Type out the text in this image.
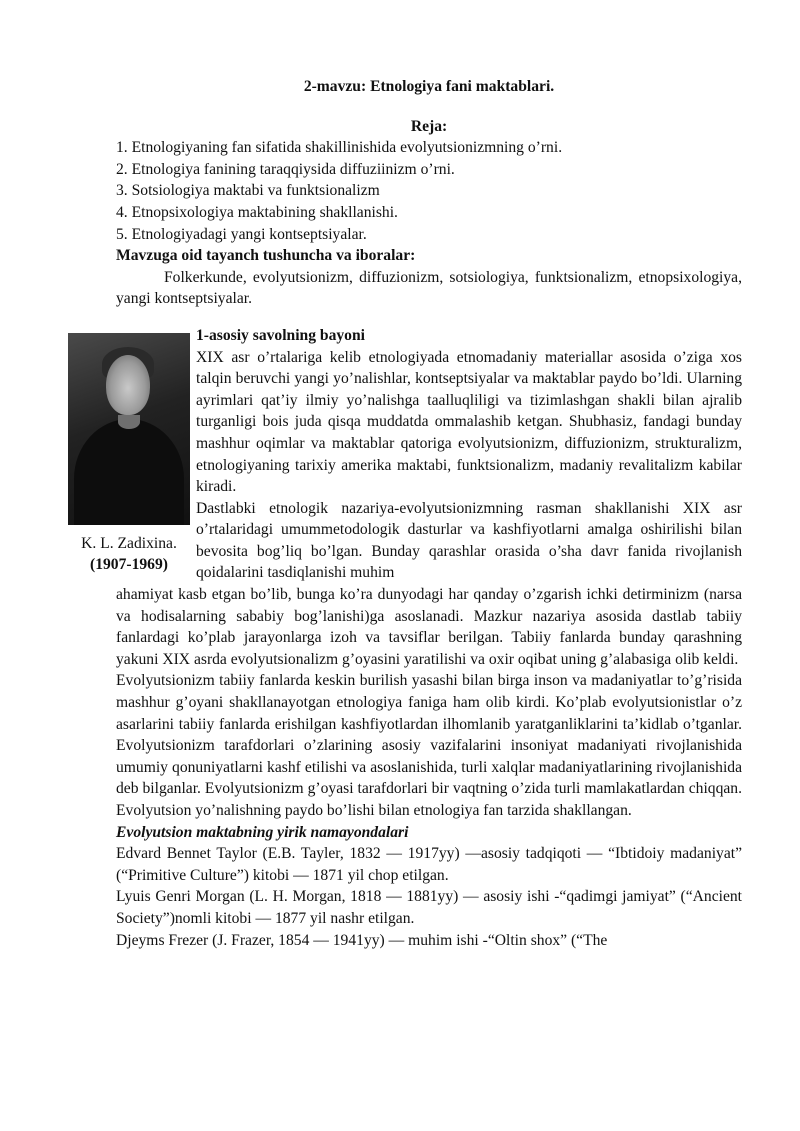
2-mavzu: Etnologiya fani maktablari.
Reja:
1. Etnologiyaning fan sifatida shakillinishida evolyutsionizmning o’rni.
2. Etnologiya fanining taraqqiysida diffuziinizm o’rni.
3. Sotsiologiya maktabi va funktsionalizm
4. Etnopsixologiya maktabining shakllanishi.
5. Etnologiyadagi yangi kontseptsiyalar.
Mavzuga oid tayanch tushuncha va iboralar:
Folkerkunde, evolyutsionizm, diffuzionizm, sotsiologiya, funktsionalizm, etnopsixologiya, yangi kontseptsiyalar.
K. L. Zadixina.
(1907-1969)
1-asosiy savolning bayoni
XIX asr o’rtalariga kelib etnologiyada etnomadaniy materiallar asosida o’ziga xos talqin beruvchi yangi yo’nalishlar, kontseptsiyalar va maktablar paydo bo’ldi. Ularning ayrimlari qat’iy ilmiy yo’nalishga taalluqliligi va tizimlashgan shakli bilan ajralib turganligi bois juda qisqa muddatda ommalashib ketgan. Shubhasiz, fandagi bunday mashhur oqimlar va maktablar qatoriga evolyutsionizm, diffuzionizm, strukturalizm, etnologiyaning tarixiy amerika maktabi, funktsionalizm, madaniy revalitalizm kabilar kiradi.
Dastlabki etnologik nazariya-evolyutsionizmning rasman shakllanishi XIX asr o’rtalaridagi umummetodologik dasturlar va kashfiyotlarni amalga oshirilishi bilan bevosita bog’liq bo’lgan. Bunday qarashlar orasida o’sha davr fanida rivojlanish qoidalarini tasdiqlanishi muhim
ahamiyat kasb etgan bo’lib, bunga ko’ra dunyodagi har qanday o’zgarish ichki detirminizm (narsa va hodisalarning sababiy bog’lanishi)ga asoslanadi. Mazkur nazariya asosida dastlab tabiiy fanlardagi ko’plab jarayonlarga izoh va tavsiflar berilgan. Tabiiy fanlarda bunday qarashning yakuni XIX asrda evolyutsionalizm g’oyasini yaratilishi va oxir oqibat uning g’alabasiga olib keldi.
Evolyutsionizm tabiiy fanlarda keskin burilish yasashi bilan birga inson va madaniyatlar to’g’risida mashhur g’oyani shakllanayotgan etnologiya faniga ham olib kirdi. Ko’plab evolyutsionistlar o’z asarlarini tabiiy fanlarda erishilgan kashfiyotlardan ilhomlanib yaratganliklarini ta’kidlab o’tganlar. Evolyutsionizm tarafdorlari o’zlarining asosiy vazifalarini insoniyat madaniyati rivojlanishida umumiy qonuniyatlarni kashf etilishi va asoslanishida, turli xalqlar madaniyatlarining rivojlanishida deb bilganlar. Evolyutsionizm g’oyasi tarafdorlari bir vaqtning o’zida turli mamlakatlardan chiqqan. Evolyutsion yo’nalishning paydo bo’lishi bilan etnologiya fan tarzida shakllangan.
Evolyutsion maktabning yirik namayondalari
Edvard Bennet Taylor (E.B. Tayler, 1832 — 1917yy) —asosiy tadqiqoti — “Ibtidoiy madaniyat” (“Primitive Culture”) kitobi — 1871 yil chop etilgan.
Lyuis Genri Morgan (L. H. Morgan, 1818 — 1881yy) — asosiy ishi -“qadimgi jamiyat” (“Ancient Society”)nomli kitobi — 1877 yil nashr etilgan.
Djeyms Frezer (J. Frazer, 1854 — 1941yy) — muhim ishi -“Oltin shox” (“The
